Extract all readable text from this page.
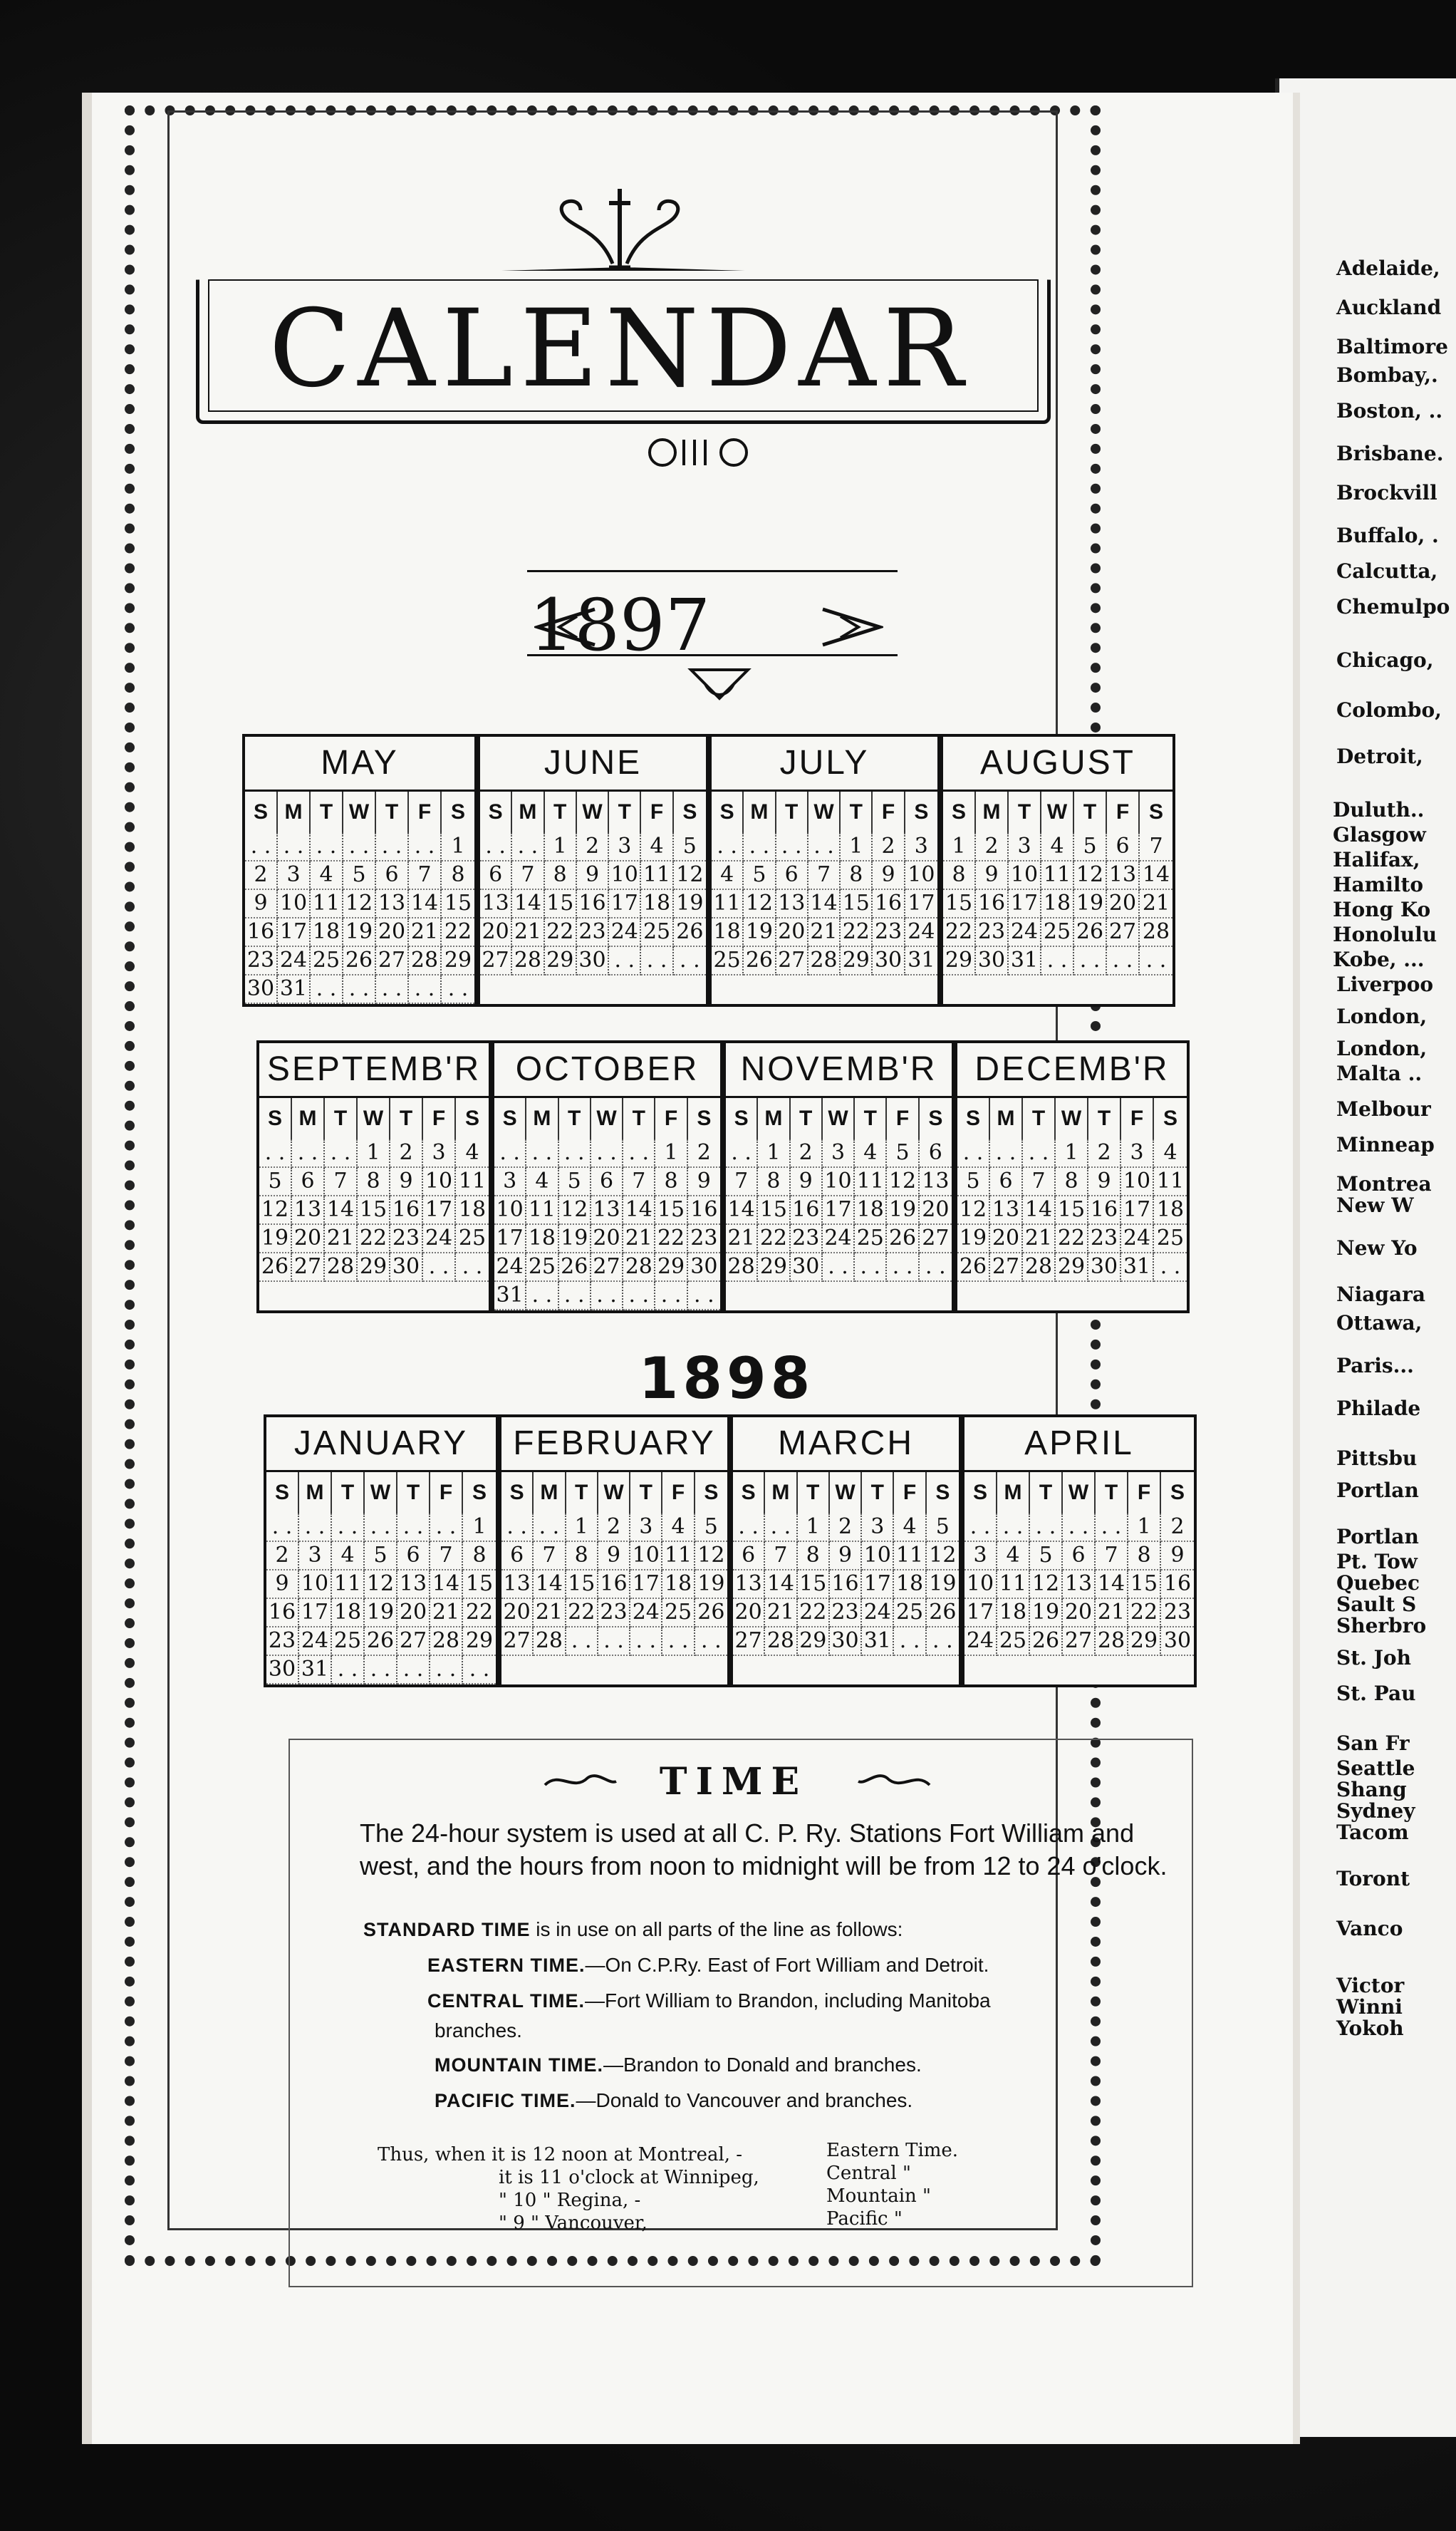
Adelaide,
Auckland
Baltimore
Bombay,.
Boston, ..
Brisbane.
Brockvill
Buffalo, .
Calcutta,
Chemulpo
Chicago,
Colombo,
Detroit,
Duluth..
Glasgow
Halifax,
Hamilto
Hong Ko
Honolulu
Kobe, ...
Liverpoo
London,
London,
Malta ..
Melbour
Minneap
Montrea
New W
New Yo
Niagara
Ottawa,
Paris...
Philade
Pittsbu
Portlan
Portlan
Pt. Tow
Quebec
Sault S
Sherbro
St. Joh
St. Pau
San Fr
Seattle
Shang
Sydney
Tacom
Toront
Vanco
Victor
Winni
Yokoh
CALENDAR
1897
MAY
S M T W T F S
. . . . . . . . . . . . 1
2 3 4 5 6 7 8
9 10 11 12 13 14 15
16 17 18 19 20 21 22
23 24 25 26 27 28 29
30 31 . . . . . . . . . .
JUNE
S M T W T F S
. . . . 1 2 3 4 5
6 7 8 9 10 11 12
13 14 15 16 17 18 19
20 21 22 23 24 25 26
27 28 29 30 . . . . . .
JULY
S M T W T F S
. . . . . . . . 1 2 3
4 5 6 7 8 9 10
11 12 13 14 15 16 17
18 19 20 21 22 23 24
25 26 27 28 29 30 31
AUGUST
S M T W T F S
1 2 3 4 5 6 7
8 9 10 11 12 13 14
15 16 17 18 19 20 21
22 23 24 25 26 27 28
29 30 31 . . . . . . . .
SEPTEMB'R
S M T W T F S
. . . . . . 1 2 3 4
5 6 7 8 9 10 11
12 13 14 15 16 17 18
19 20 21 22 23 24 25
26 27 28 29 30 . . . .
OCTOBER
S M T W T F S
. . . . . . . . . . 1 2
3 4 5 6 7 8 9
10 11 12 13 14 15 16
17 18 19 20 21 22 23
24 25 26 27 28 29 30
31 . . . . . . . . . . . .
NOVEMB'R
S M T W T F S
. . 1 2 3 4 5 6
7 8 9 10 11 12 13
14 15 16 17 18 19 20
21 22 23 24 25 26 27
28 29 30 . . . . . . . .
DECEMB'R
S M T W T F S
. . . . . . 1 2 3 4
5 6 7 8 9 10 11
12 13 14 15 16 17 18
19 20 21 22 23 24 25
26 27 28 29 30 31 . .
1898
JANUARY
S M T W T F S
. . . . . . . . . . . . 1
2 3 4 5 6 7 8
9 10 11 12 13 14 15
16 17 18 19 20 21 22
23 24 25 26 27 28 29
30 31 . . . . . . . . . .
FEBRUARY
S M T W T F S
. . . . 1 2 3 4 5
6 7 8 9 10 11 12
13 14 15 16 17 18 19
20 21 22 23 24 25 26
27 28 . . . . . . . . . .
MARCH
S M T W T F S
. . . . 1 2 3 4 5
6 7 8 9 10 11 12
13 14 15 16 17 18 19
20 21 22 23 24 25 26
27 28 29 30 31 . . . .
APRIL
S M T W T F S
. . . . . . . . . . 1 2
3 4 5 6 7 8 9
10 11 12 13 14 15 16
17 18 19 20 21 22 23
24 25 26 27 28 29 30
TIME
The 24-hour system is used at all C. P. Ry. Stations Fort William and west, and the hours from noon to midnight will be from 12 to 24 o'clock.
STANDARD TIME is in use on all parts of the line as follows:
EASTERN TIME.—On C.P.Ry. East of Fort William and Detroit.
CENTRAL TIME.—Fort William to Brandon, including Manitoba
branches.
MOUNTAIN TIME.—Brandon to Donald and branches.
PACIFIC TIME.—Donald to Vancouver and branches.
Thus, when it is 12 noon at Montreal, -	Eastern Time.
it is 11 o'clock at Winnipeg,	Central "
" 10 " Regina, -	Mountain "
" 9 " Vancouver,	Pacific "
